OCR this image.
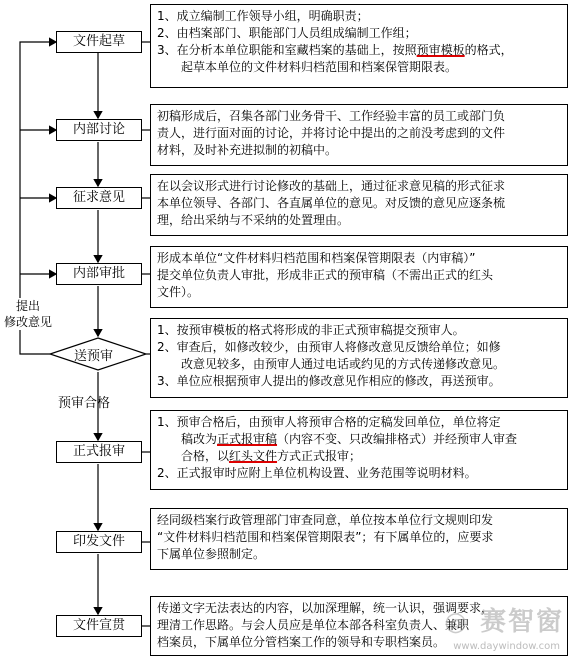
文件起草
内部讨论
征求意见
内部审批
送预审
正式报审
印发文件
文件宣贯
提出
修改意见
预审合格
1、成立编制工作领导小组，明确职责；
2、由档案部门、职能部门人员组成编制工作组；
3、在分析本单位职能和室藏档案的基础上，按照预审模板的格式，
　　起草本单位的文件材料归档范围和档案保管期限表。
初稿形成后，召集各部门业务骨干、工作经验丰富的员工或部门负
责人，进行面对面的讨论，并将讨论中提出的之前没考虑到的文件
材料，及时补充进拟制的初稿中。
在以会议形式进行讨论修改的基础上，通过征求意见稿的形式征求
本单位领导、各部门、各直属单位的意见。对反馈的意见应逐条梳
理，给出采纳与不采纳的处置理由。
形成本单位“文件材料归档范围和档案保管期限表（内审稿）”
提交单位负责人审批，形成非正式的预审稿（不需出正式的红头
文件）。
1、按预审模板的格式将形成的非正式预审稿提交预审人。
2、审查后，如修改较少，由预审人将修改意见反馈给单位；如修
　　改意见较多，由预审人通过电话或约见的方式传递修改意见。
3、单位应根据预审人提出的修改意见作相应的修改，再送预审。
1、预审合格后，由预审人将预审合格的定稿发回单位，单位将定
　　稿改为正式报审稿（内容不变、只改编排格式）并经预审人审查
　　合格，以红头文件方式正式报审；
2、正式报审时应附上单位机构设置、业务范围等说明材料。
经同级档案行政管理部门审查同意，单位按本单位行文规则印发
“文件材料归档范围和档案保管期限表”；有下属单位的，应要求
下属单位参照制定。
传递文字无法表达的内容，以加深理解，统一认识，强调要求，
理清工作思路。与会人员应是单位本部各科室负责人、兼职
档案员，下属单位分管档案工作的领导和专职档案员。
◎ 赛智窗
www.daywindow.com
